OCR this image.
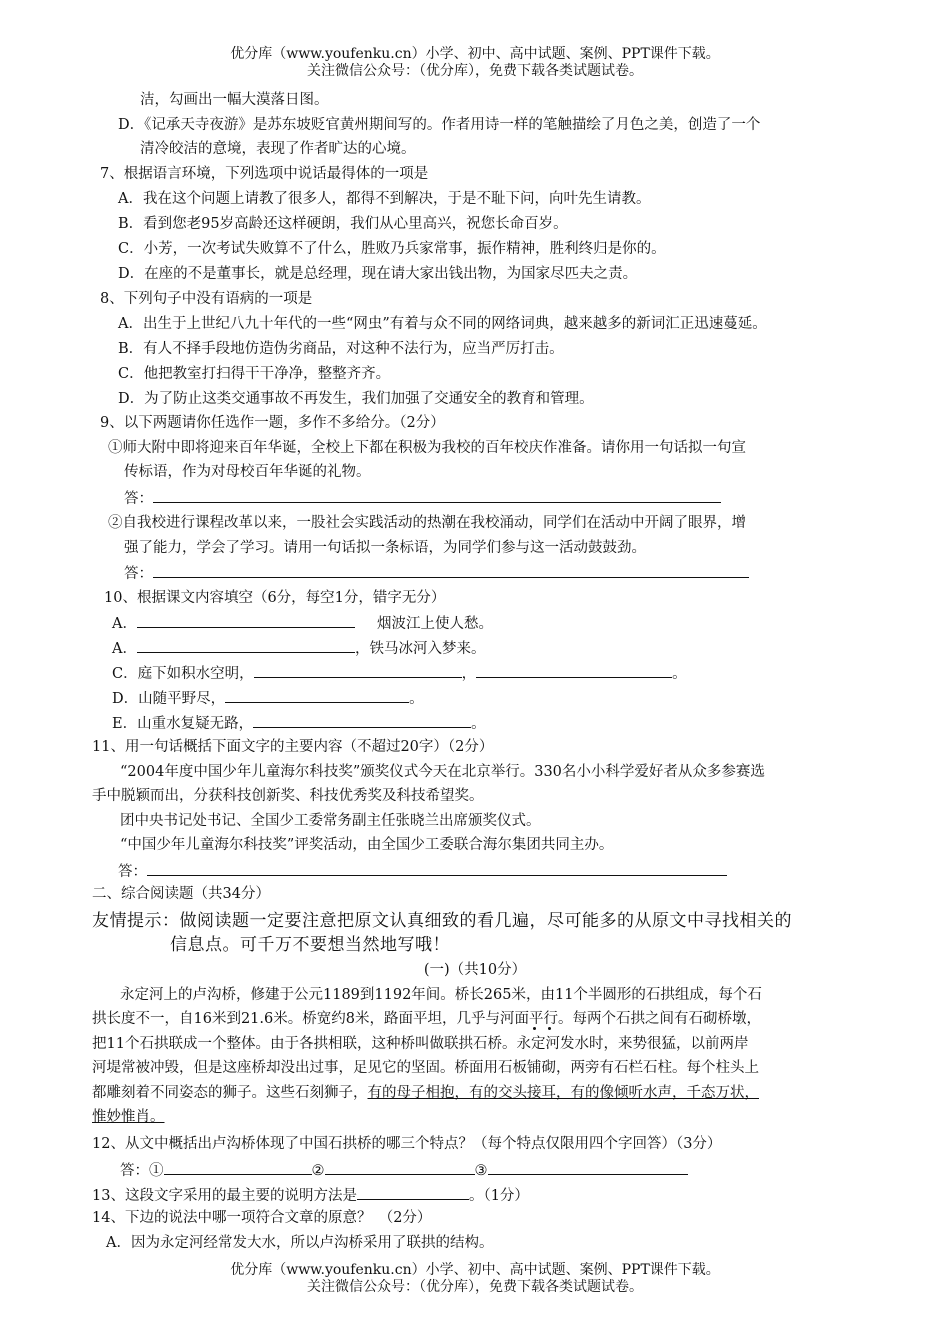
优分库（www.youfenku.cn）小学、初中、高中试题、案例、PPT课件下载。
关注微信公众号：（优分库），免费下载各类试题试卷。
洁，勾画出一幅大漠落日图。
D．《记承天寺夜游》是苏东坡贬官黄州期间写的。作者用诗一样的笔触描绘了月色之美，创造了一个
清冷皎洁的意境，表现了作者旷达的心境。
7、根据语言环境，下列选项中说话最得体的一项是
A．我在这个问题上请教了很多人，都得不到解决，于是不耻下问，向叶先生请教。
B．看到您老95岁高龄还这样硬朗，我们从心里高兴，祝您长命百岁。
C．小芳，一次考试失败算不了什么，胜败乃兵家常事，振作精神，胜利终归是你的。
D．在座的不是董事长，就是总经理，现在请大家出钱出物，为国家尽匹夫之责。
8、下列句子中没有语病的一项是
A．出生于上世纪八九十年代的一些“网虫”有着与众不同的网络词典，越来越多的新词汇正迅速蔓延。
B．有人不择手段地仿造伪劣商品，对这种不法行为，应当严厉打击。
C．他把教室打扫得干干净净，整整齐齐。
D．为了防止这类交通事故不再发生，我们加强了交通安全的教育和管理。
9、以下两题请你任选作一题，多作不多给分。（2分）
①师大附中即将迎来百年华诞，全校上下都在积极为我校的百年校庆作准备。请你用一句话拟一句宣
传标语，作为对母校百年华诞的礼物。
答：
②自我校进行课程改革以来，一股社会实践活动的热潮在我校涌动，同学们在活动中开阔了眼界，增
强了能力，学会了学习。请用一句话拟一条标语，为同学们参与这一活动鼓鼓劲。
答：
10、根据课文内容填空（6分，每空1分，错字无分）
A．	烟波江上使人愁。
A．	，铁马冰河入梦来。
C．庭下如积水空明，	，	。
D．山随平野尽，	。
E．山重水复疑无路，	。
11、用一句话概括下面文字的主要内容（不超过20字）（2分）
“2004年度中国少年儿童海尔科技奖”颁奖仪式今天在北京举行。330名小小科学爱好者从众多参赛选
手中脱颖而出，分获科技创新奖、科技优秀奖及科技希望奖。
团中央书记处书记、全国少工委常务副主任张晓兰出席颁奖仪式。
“中国少年儿童海尔科技奖”评奖活动，由全国少工委联合海尔集团共同主办。
答：
二、综合阅读题（共34分）
友情提示：做阅读题一定要注意把原文认真细致的看几遍，尽可能多的从原文中寻找相关的
信息点。可千万不要想当然地写哦！
(一)（共10分）
永定河上的卢沟桥，修建于公元1189到1192年间。桥长265米，由11个半圆形的石拱组成，每个石
拱长度不一，自16米到21.6米。桥宽约8米，路面平坦，几乎与河面平行。每两个石拱之间有石砌桥墩，
把11个石拱联成一个整体。由于各拱相联，这种桥叫做联拱石桥。永定河发水时，来势很猛，以前两岸
河堤常被冲毁，但是这座桥却没出过事，足见它的坚固。桥面用石板铺砌，两旁有石栏石柱。每个柱头上
都雕刻着不同姿态的狮子。这些石刻狮子，有的母子相抱，有的交头接耳，有的像倾听水声，千态万状，
惟妙惟肖。
12、从文中概括出卢沟桥体现了中国石拱桥的哪三个特点？（每个特点仅限用四个字回答）（3分）
答：①	②	③
13、这段文字采用的最主要的说明方法是	。（1分）
14、下边的说法中哪一项符合文章的原意？　（2分）
A．因为永定河经常发大水，所以卢沟桥采用了联拱的结构。
优分库（www.youfenku.cn）小学、初中、高中试题、案例、PPT课件下载。
关注微信公众号：（优分库），免费下载各类试题试卷。
